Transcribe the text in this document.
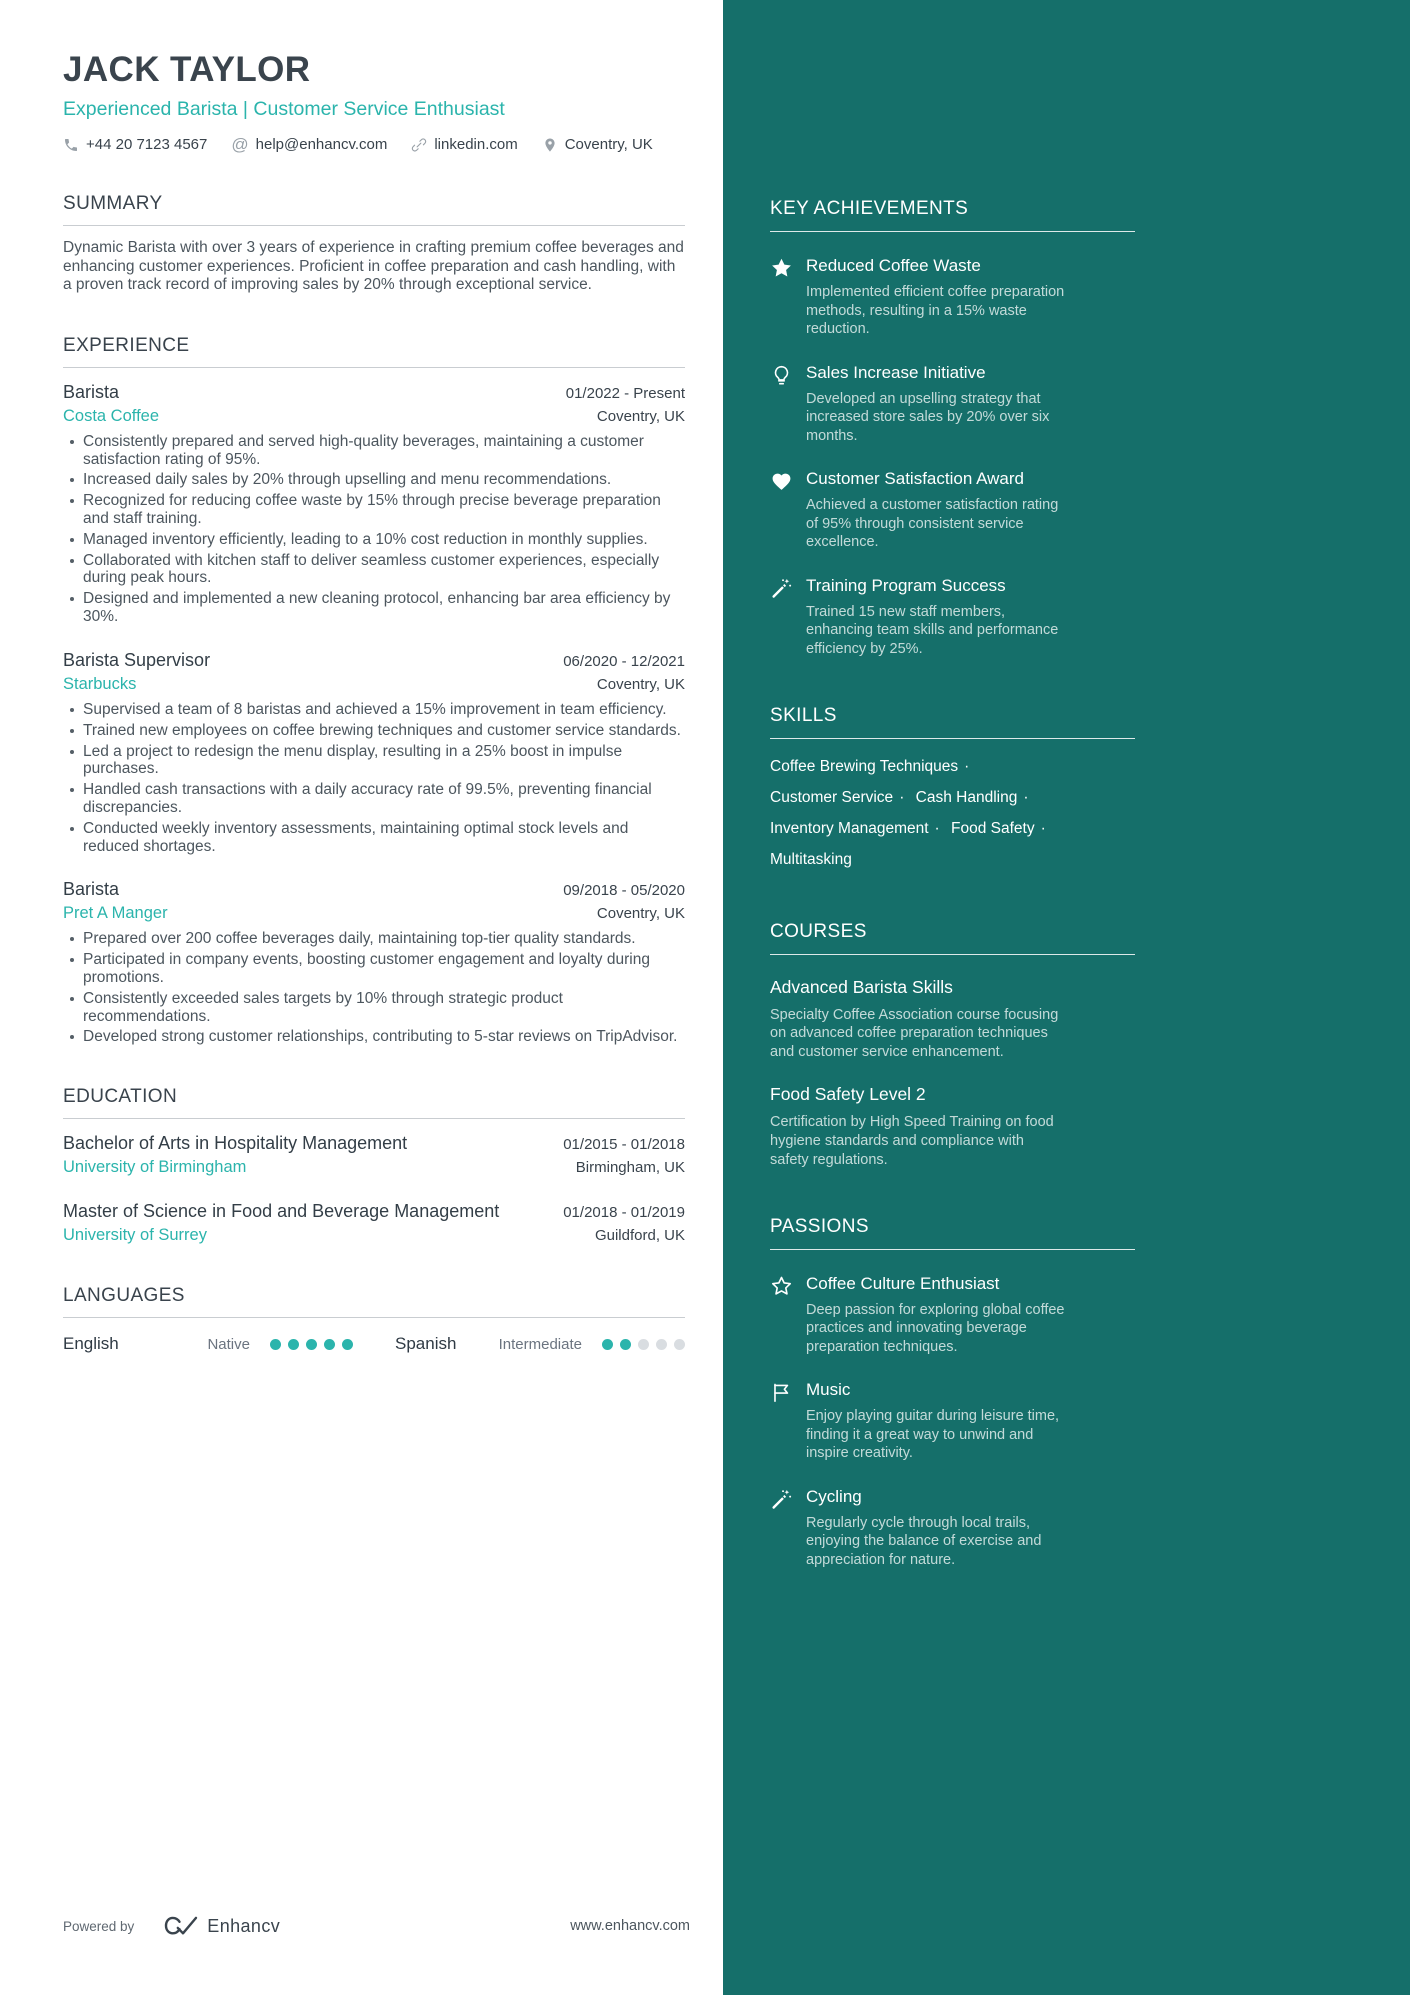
JACK TAYLOR
Experienced Barista | Customer Service Enthusiast
+44 20 7123 4567 @ help@enhancv.com	linkedin.com	Coventry, UK
SUMMARY

Dynamic Barista with over 3 years of experience in crafting premium coffee beverages and enhancing customer experiences. Proficient in coffee preparation and cash handling, with a proven track record of improving sales by 20% through exceptional service.

EXPERIENCE
Barista	01/2022 - Present
Costa Coffee	Coventry, UK
Consistently prepared and served high-quality beverages, maintaining a customer satisfaction rating of 95%.
Increased daily sales by 20% through upselling and menu recommendations.
Recognized for reducing coffee waste by 15% through precise beverage preparation and staff training.
Managed inventory efficiently, leading to a 10% cost reduction in monthly supplies.
Collaborated with kitchen staff to deliver seamless customer experiences, especially during peak hours.
Designed and implemented a new cleaning protocol, enhancing bar area efficiency by 30%.
Barista Supervisor	06/2020 - 12/2021
Starbucks	Coventry, UK
Supervised a team of 8 baristas and achieved a 15% improvement in team efficiency.
Trained new employees on coffee brewing techniques and customer service standards.
Led a project to redesign the menu display, resulting in a 25% boost in impulse purchases.
Handled cash transactions with a daily accuracy rate of 99.5%, preventing financial discrepancies.
Conducted weekly inventory assessments, maintaining optimal stock levels and reduced shortages.
Barista	09/2018 - 05/2020
Pret A Manger	Coventry, UK
Prepared over 200 coffee beverages daily, maintaining top-tier quality standards.
Participated in company events, boosting customer engagement and loyalty during promotions.
Consistently exceeded sales targets by 10% through strategic product recommendations.
Developed strong customer relationships, contributing to 5-star reviews on TripAdvisor.
EDUCATION
Bachelor of Arts in Hospitality Management	01/2015 - 01/2018
University of Birmingham	Birmingham, UK
Master of Science in Food and Beverage Management	01/2018 - 01/2019
University of Surrey	Guildford, UK
LANGUAGES
English	Native	Spanish	Intermediate
Powered by	Enhancv	www.enhancv.com
KEY ACHIEVEMENTS
Reduced Coffee Waste
Implemented efficient coffee preparation methods, resulting in a 15% waste reduction.
Sales Increase Initiative
Developed an upselling strategy that increased store sales by 20% over six months.
Customer Satisfaction Award
Achieved a customer satisfaction rating of 95% through consistent service excellence.
Training Program Success
Trained 15 new staff members, enhancing team skills and performance efficiency by 25%.
SKILLS
Coffee Brewing Techniques · Customer Service · Cash Handling · Inventory Management · Food Safety · Multitasking
COURSES
Advanced Barista Skills
Specialty Coffee Association course focusing on advanced coffee preparation techniques and customer service enhancement.
Food Safety Level 2
Certification by High Speed Training on food hygiene standards and compliance with safety regulations.
PASSIONS
Coffee Culture Enthusiast
Deep passion for exploring global coffee practices and innovating beverage preparation techniques.
Music
Enjoy playing guitar during leisure time, finding it a great way to unwind and inspire creativity.
Cycling
Regularly cycle through local trails, enjoying the balance of exercise and appreciation for nature.
